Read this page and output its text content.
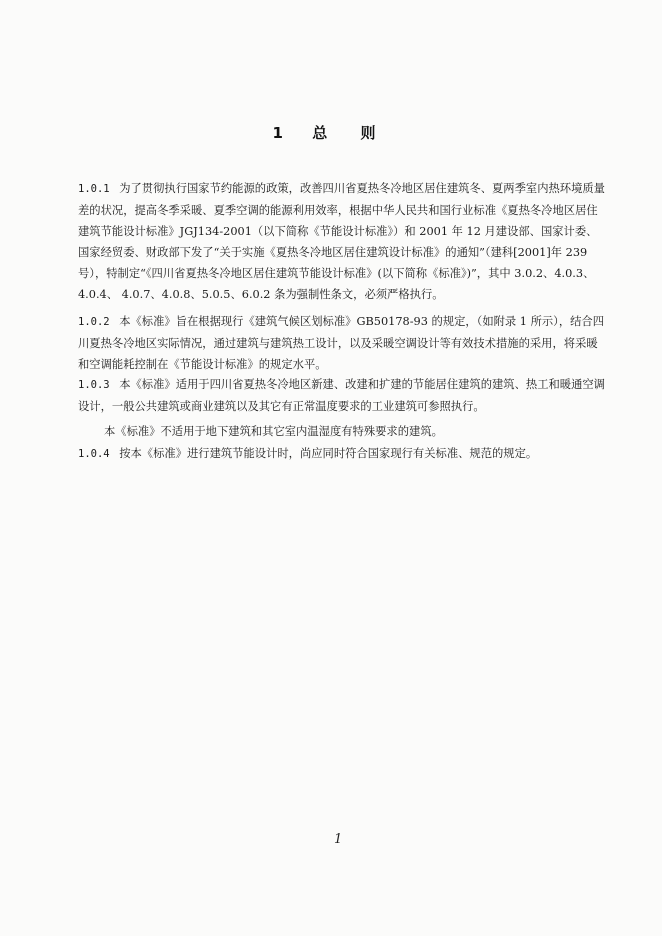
1 总 则

1.0.1 为了贯彻执行国家节约能源的政策，改善四川省夏热冬冷地区居住建筑冬、夏两季室内热环境质量差的状况，提高冬季采暖、夏季空调的能源利用效率，根据中华人民共和国行业标准《夏热冬冷地区居住建筑节能设计标准》JGJ134-2001（以下简称《节能设计标准》）和 2001 年 12 月建设部、国家计委、国家经贸委、财政部下发了“关于实施《夏热冬冷地区居住建筑设计标准》的通知”（建科[2001]年 239 号），特制定“《四川省夏热冬冷地区居住建筑节能设计标准》(以下简称《标准》)”，其中 3.0.2、4.0.3、4.0.4、 4.0.7、4.0.8、5.0.5、6.0.2 条为强制性条文，必须严格执行。

1.0.2 本《标准》旨在根据现行《建筑气候区划标准》GB50178-93 的规定，（如附录 1 所示），结合四川夏热冬冷地区实际情况，通过建筑与建筑热工设计，以及采暖空调设计等有效技术措施的采用，将采暖和空调能耗控制在《节能设计标准》的规定水平。

1.0.3 本《标准》适用于四川省夏热冬冷地区新建、改建和扩建的节能居住建筑的建筑、热工和暖通空调设计，一般公共建筑或商业建筑以及其它有正常温度要求的工业建筑可参照执行。

本《标准》不适用于地下建筑和其它室内温湿度有特殊要求的建筑。

1.0.4 按本《标准》进行建筑节能设计时，尚应同时符合国家现行有关标准、规范的规定。

1
